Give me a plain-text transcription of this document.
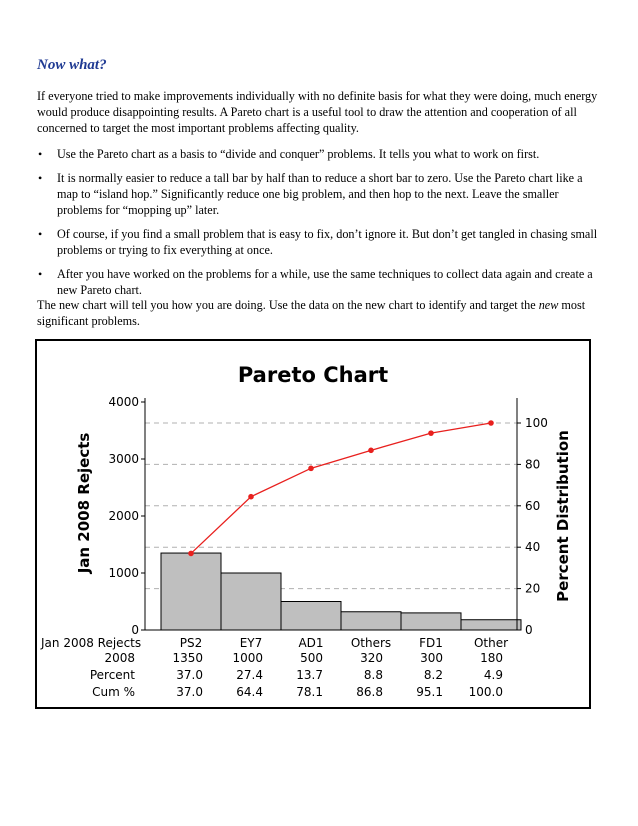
Now what?

If everyone tried to make improvements individually with no definite basis for what they were doing, much energy would produce disappointing results. A Pareto chart is a useful tool to draw the attention and cooperation of all concerned to target the most important problems affecting quality.

• Use the Pareto chart as a basis to “divide and conquer” problems. It tells you what to work on first.
• It is normally easier to reduce a tall bar by half than to reduce a short bar to zero. Use the Pareto chart like a map to “island hop.” Significantly reduce one big problem, and then hop to the next. Leave the smaller problems for “mopping up” later.
• Of course, if you find a small problem that is easy to fix, don’t ignore it. But don’t get tangled in chasing small problems or trying to fix everything at once.
• After you have worked on the problems for a while, use the same techniques to collect data again and create a new Pareto chart.

The new chart will tell you how you are doing. Use the data on the new chart to identify and target the new most significant problems.

Pareto Chart
Jan 2008 Rejects	Percent Distribution
0
1000
2000
3000
4000
0
20
40
60
80
100
Jan 2008 Rejects	PS2	EY7	AD1 Others FD1	Other
2008	1350 1000	500	320	300	180
Percent	37.0	27.4	13.7	8.8	8.2	4.9
Cum %	37.0	64.4	78.1	86.8	95.1 100.0
